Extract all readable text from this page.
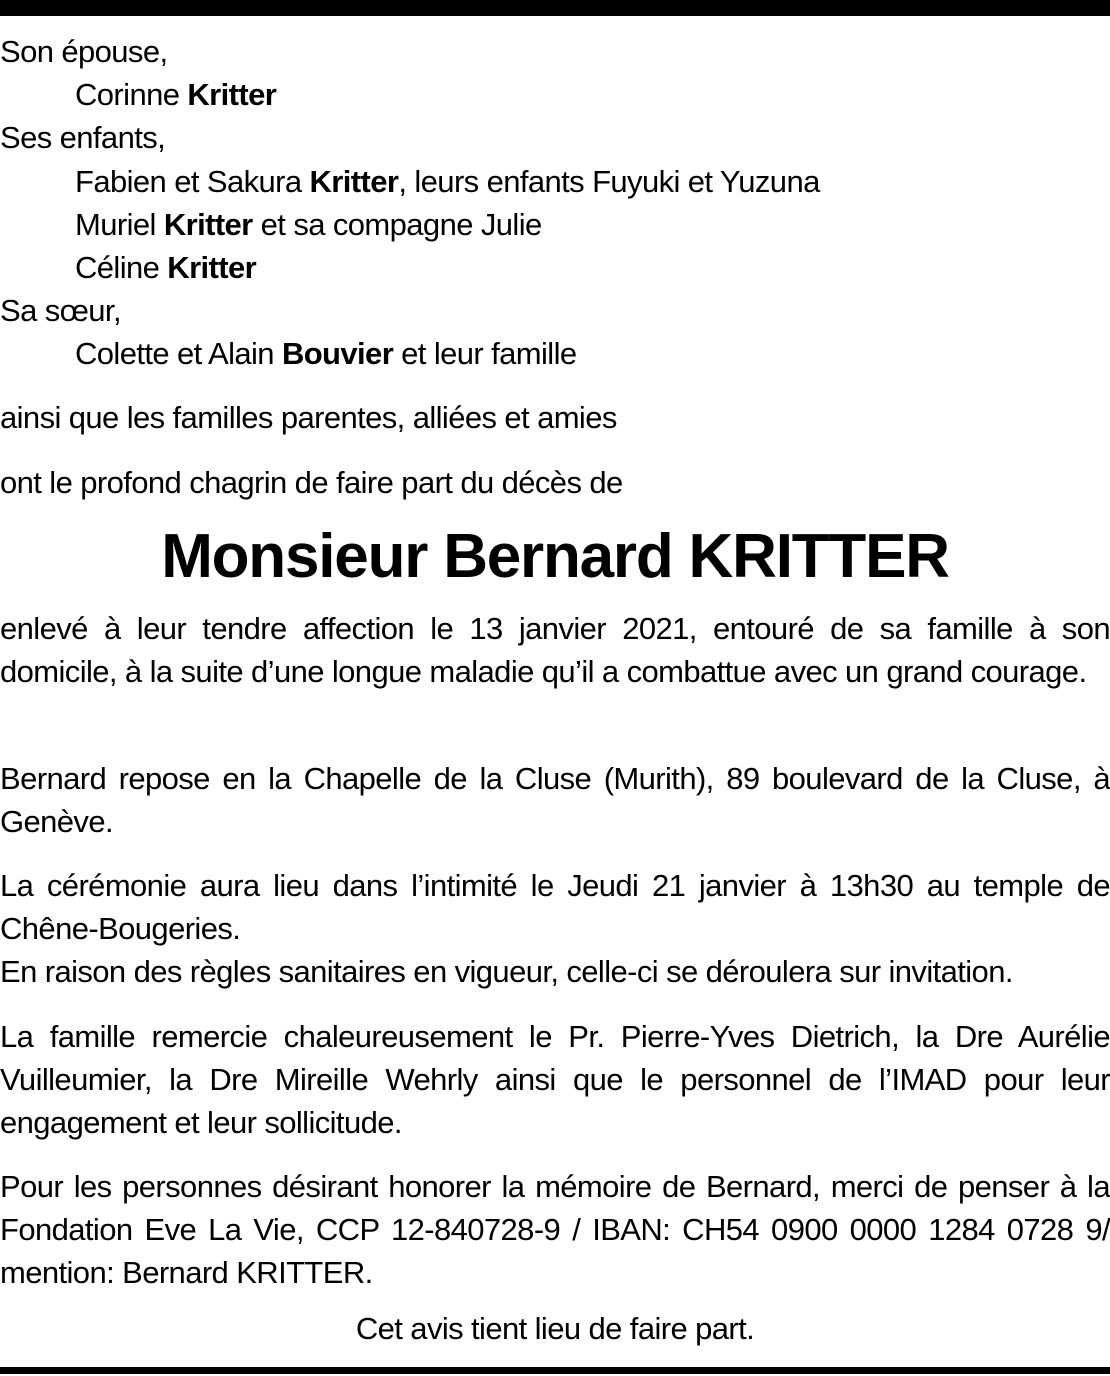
Son épouse,
Corinne Kritter
Ses enfants,
Fabien et Sakura Kritter, leurs enfants Fuyuki et Yuzuna
Muriel Kritter et sa compagne Julie
Céline Kritter
Sa sœur,
Colette et Alain Bouvier et leur famille
ainsi que les familles parentes, alliées et amies
ont le profond chagrin de faire part du décès de
Monsieur Bernard KRITTER
enlevé à leur tendre affection le 13 janvier 2021, entouré de sa famille à son domicile, à la suite d’une longue maladie qu’il a combattue avec un grand courage.
Bernard repose en la Chapelle de la Cluse (Murith), 89 boulevard de la Cluse, à Genève.
La cérémonie aura lieu dans l’intimité le Jeudi 21 janvier à 13h30 au temple de Chêne-Bougeries.
En raison des règles sanitaires en vigueur, celle-ci se déroulera sur invitation.
La famille remercie chaleureusement le Pr. Pierre-Yves Dietrich, la Dre Aurélie Vuilleumier, la Dre Mireille Wehrly ainsi que le personnel de l’IMAD pour leur engagement et leur sollicitude.
Pour les personnes désirant honorer la mémoire de Bernard, merci de penser à la Fondation Eve La Vie, CCP 12-840728-9 / IBAN: CH54 0900 0000 1284 0728 9/ mention: Bernard KRITTER.
Cet avis tient lieu de faire part.
